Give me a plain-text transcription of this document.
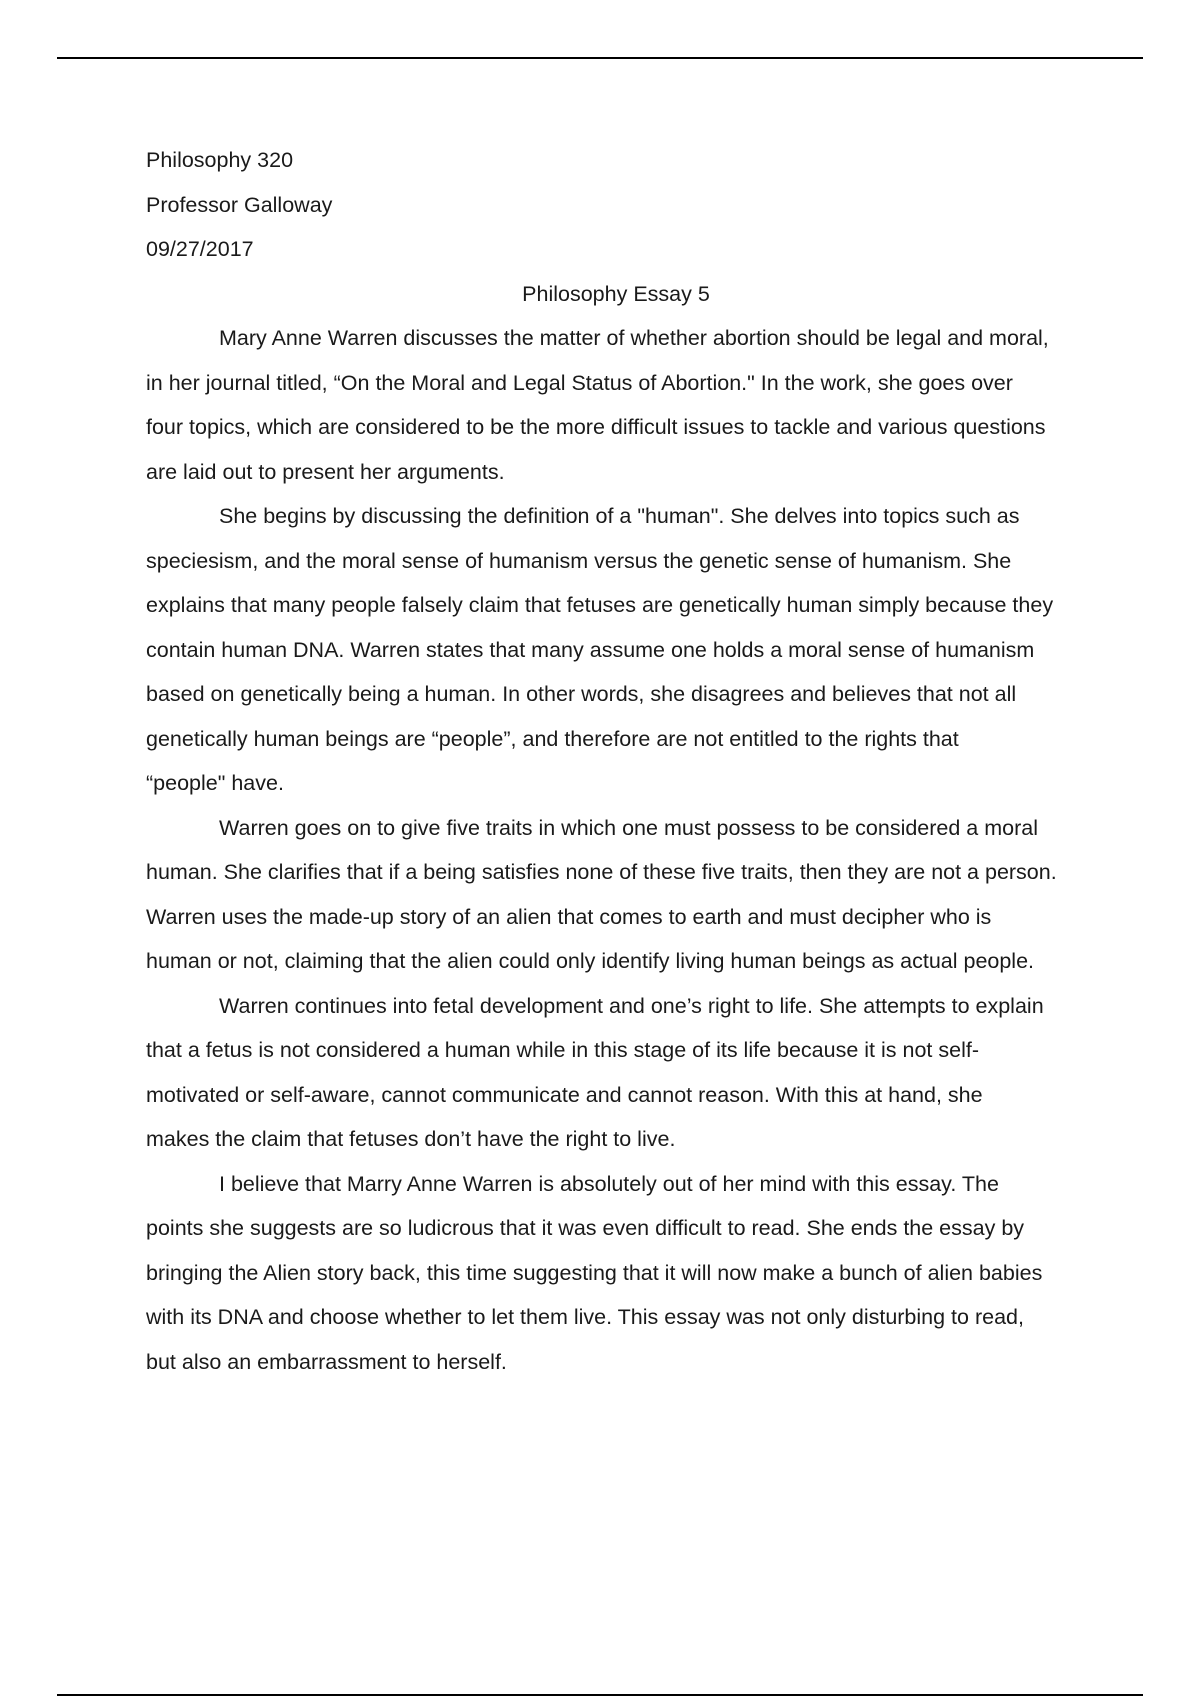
Philosophy 320

Professor Galloway

09/27/2017

Philosophy Essay 5

Mary Anne Warren discusses the matter of whether abortion should be legal and moral,
in her journal titled, “On the Moral and Legal Status of Abortion." In the work, she goes over
four topics, which are considered to be the more difficult issues to tackle and various questions
are laid out to present her arguments.

She begins by discussing the definition of a "human". She delves into topics such as
speciesism, and the moral sense of humanism versus the genetic sense of humanism. She
explains that many people falsely claim that fetuses are genetically human simply because they
contain human DNA. Warren states that many assume one holds a moral sense of humanism
based on genetically being a human. In other words, she disagrees and believes that not all
genetically human beings are “people”, and therefore are not entitled to the rights that
“people" have.

Warren goes on to give five traits in which one must possess to be considered a moral
human. She clarifies that if a being satisfies none of these five traits, then they are not a person.
Warren uses the made-up story of an alien that comes to earth and must decipher who is
human or not, claiming that the alien could only identify living human beings as actual people.

Warren continues into fetal development and one’s right to life. She attempts to explain
that a fetus is not considered a human while in this stage of its life because it is not self-
motivated or self-aware, cannot communicate and cannot reason. With this at hand, she
makes the claim that fetuses don’t have the right to live.

I believe that Marry Anne Warren is absolutely out of her mind with this essay. The
points she suggests are so ludicrous that it was even difficult to read. She ends the essay by
bringing the Alien story back, this time suggesting that it will now make a bunch of alien babies
with its DNA and choose whether to let them live. This essay was not only disturbing to read,
but also an embarrassment to herself.
